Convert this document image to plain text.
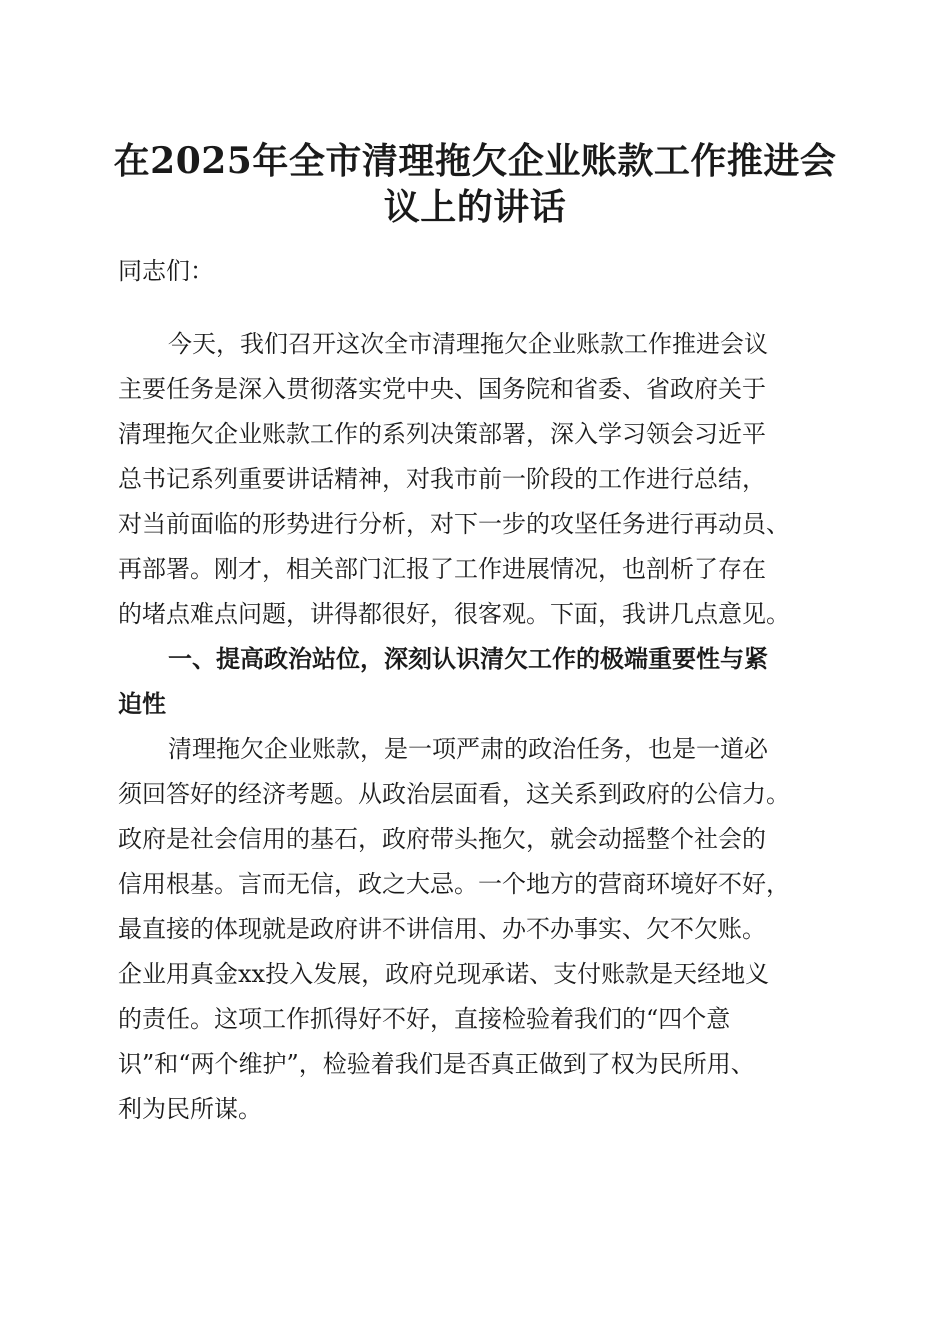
在2025年全市清理拖欠企业账款工作推进会
议上的讲话
同志们：
今天，我们召开这次全市清理拖欠企业账款工作推进会议
主要任务是深入贯彻落实党中央、国务院和省委、省政府关于
清理拖欠企业账款工作的系列决策部署，深入学习领会习近平
总书记系列重要讲话精神，对我市前一阶段的工作进行总结，
对当前面临的形势进行分析，对下一步的攻坚任务进行再动员、
再部署。刚才，相关部门汇报了工作进展情况，也剖析了存在
的堵点难点问题，讲得都很好，很客观。下面，我讲几点意见。
一、提高政治站位，深刻认识清欠工作的极端重要性与紧
迫性
清理拖欠企业账款，是一项严肃的政治任务，也是一道必
须回答好的经济考题。从政治层面看，这关系到政府的公信力。
政府是社会信用的基石，政府带头拖欠，就会动摇整个社会的
信用根基。言而无信，政之大忌。一个地方的营商环境好不好，
最直接的体现就是政府讲不讲信用、办不办事实、欠不欠账。
企业用真金xx投入发展，政府兑现承诺、支付账款是天经地义
的责任。这项工作抓得好不好，直接检验着我们的“四个意
识”和“两个维护”，检验着我们是否真正做到了权为民所用、
利为民所谋。
